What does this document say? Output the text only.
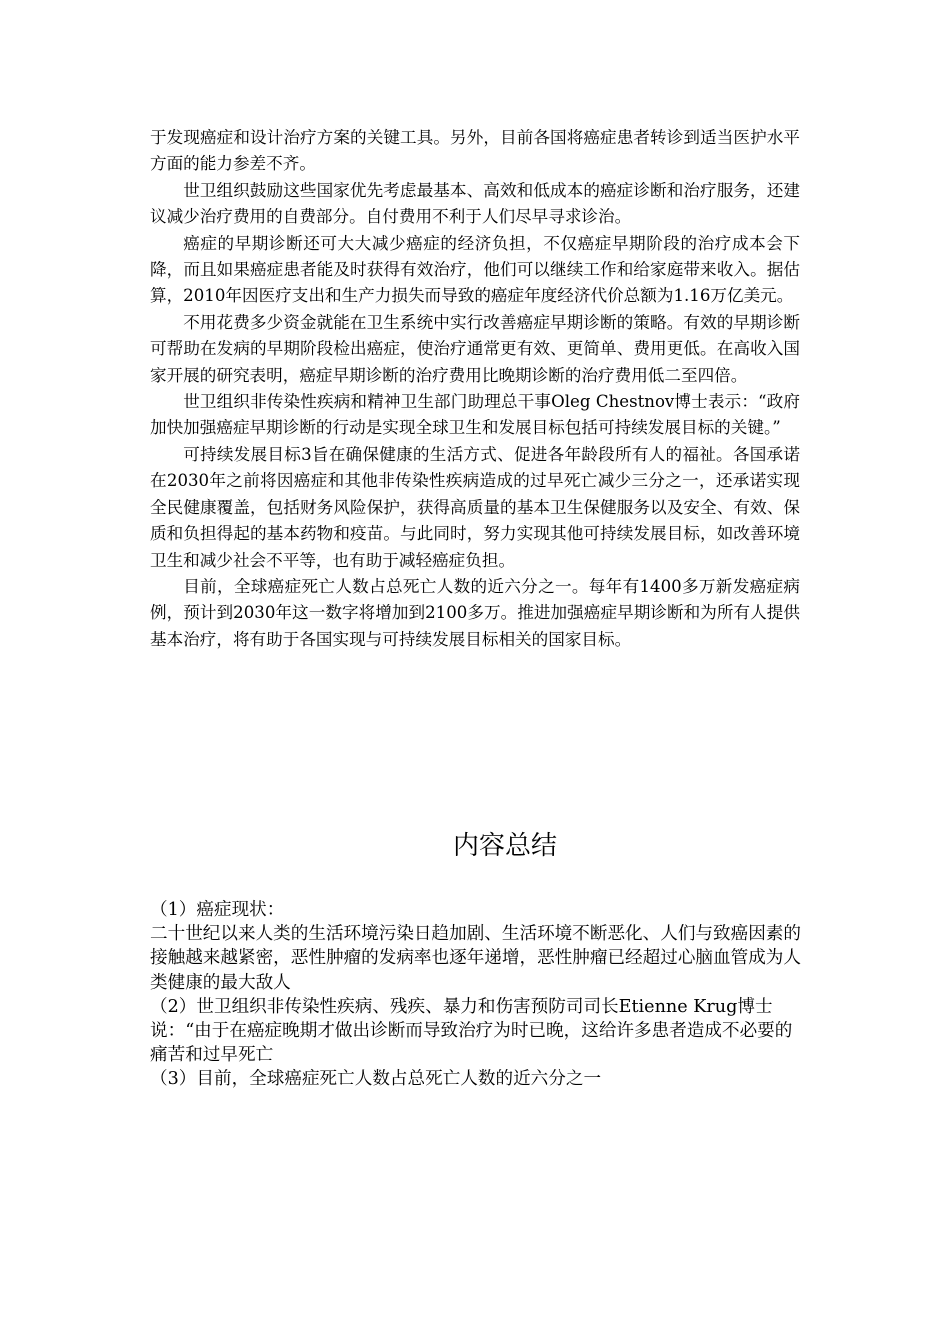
于发现癌症和设计治疗方案的关键工具。另外，目前各国将癌症患者转诊到适当医护水平方面的能力参差不齐。

世卫组织鼓励这些国家优先考虑最基本、高效和低成本的癌症诊断和治疗服务，还建议减少治疗费用的自费部分。自付费用不利于人们尽早寻求诊治。

癌症的早期诊断还可大大减少癌症的经济负担，不仅癌症早期阶段的治疗成本会下降，而且如果癌症患者能及时获得有效治疗，他们可以继续工作和给家庭带来收入。据估算，2010年因医疗支出和生产力损失而导致的癌症年度经济代价总额为1.16万亿美元。

不用花费多少资金就能在卫生系统中实行改善癌症早期诊断的策略。有效的早期诊断可帮助在发病的早期阶段检出癌症，使治疗通常更有效、更简单、费用更低。在高收入国家开展的研究表明，癌症早期诊断的治疗费用比晚期诊断的治疗费用低二至四倍。

世卫组织非传染性疾病和精神卫生部门助理总干事Oleg Chestnov博士表示：“政府加快加强癌症早期诊断的行动是实现全球卫生和发展目标包括可持续发展目标的关键。”

可持续发展目标3旨在确保健康的生活方式、促进各年龄段所有人的福祉。各国承诺在2030年之前将因癌症和其他非传染性疾病造成的过早死亡减少三分之一，还承诺实现全民健康覆盖，包括财务风险保护，获得高质量的基本卫生保健服务以及安全、有效、保质和负担得起的基本药物和疫苗。与此同时，努力实现其他可持续发展目标，如改善环境卫生和减少社会不平等，也有助于减轻癌症负担。

目前，全球癌症死亡人数占总死亡人数的近六分之一。每年有1400多万新发癌症病例，预计到2030年这一数字将增加到2100多万。推进加强癌症早期诊断和为所有人提供基本治疗，将有助于各国实现与可持续发展目标相关的国家目标。

内容总结

（1）癌症现状：

二十世纪以来人类的生活环境污染日趋加剧、生活环境不断恶化、人们与致癌因素的接触越来越紧密，恶性肿瘤的发病率也逐年递增，恶性肿瘤已经超过心脑血管成为人类健康的最大敌人

（2）世卫组织非传染性疾病、残疾、暴力和伤害预防司司长Etienne Krug博士说：“由于在癌症晚期才做出诊断而导致治疗为时已晚，这给许多患者造成不必要的痛苦和过早死亡

（3）目前，全球癌症死亡人数占总死亡人数的近六分之一
